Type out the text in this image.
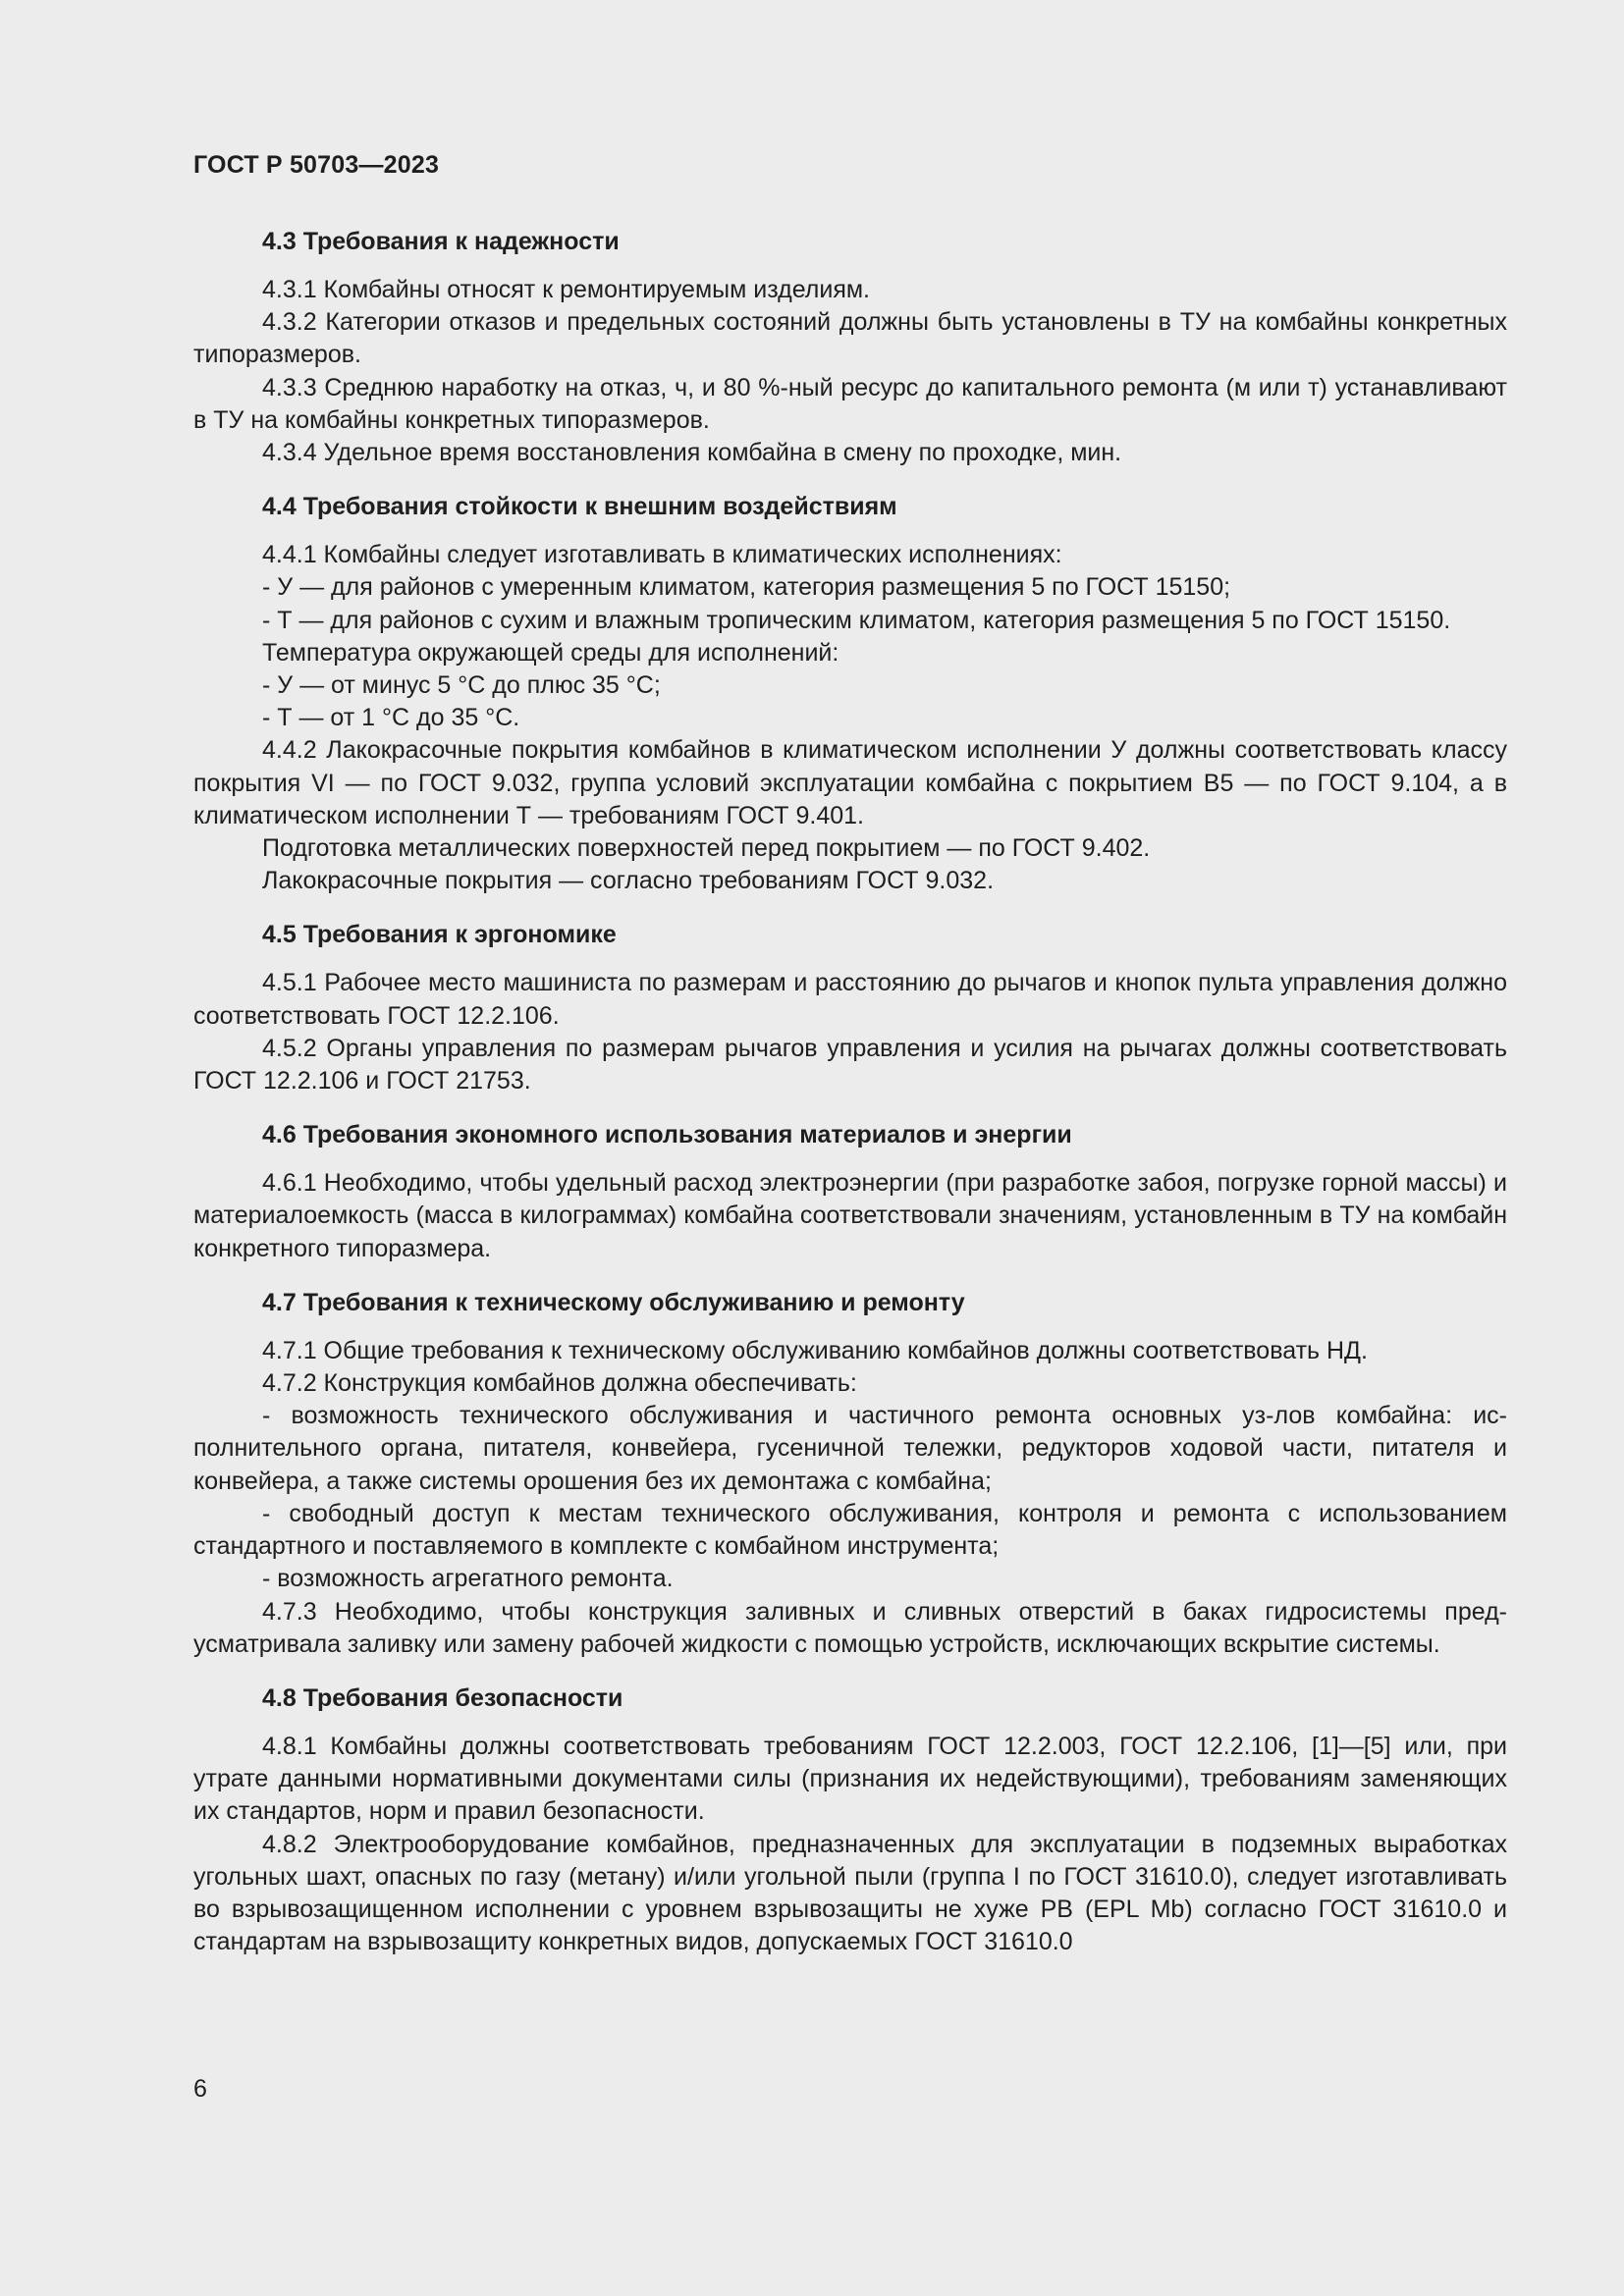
ГОСТ Р 50703—2023
4.3 Требования к надежности

4.3.1 Комбайны относят к ремонтируемым изделиям.

4.3.2 Категории отказов и предельных состояний должны быть установлены в ТУ на комбайны конкретных типоразмеров.

4.3.3 Среднюю наработку на отказ, ч, и 80 %-ный ресурс до капитального ремонта (м или т) устанавливают в ТУ на комбайны конкретных типоразмеров.

4.3.4 Удельное время восстановления комбайна в смену по проходке, мин.

4.4 Требования стойкости к внешним воздействиям

4.4.1 Комбайны следует изготавливать в климатических исполнениях:

- У — для районов с умеренным климатом, категория размещения 5 по ГОСТ 15150;

- Т — для районов с сухим и влажным тропическим климатом, категория размещения 5 по ГОСТ 15150.

Температура окружающей среды для исполнений:

- У — от минус 5 °С до плюс 35 °С;

- Т — от 1 °С до 35 °С.

4.4.2 Лакокрасочные покрытия комбайнов в климатическом исполнении У должны соответствовать классу покрытия VI — по ГОСТ 9.032, группа условий эксплуатации комбайна с покрытием В5 — по ГОСТ 9.104, а в климатическом исполнении Т — требованиям ГОСТ 9.401.

Подготовка металлических поверхностей перед покрытием — по ГОСТ 9.402.

Лакокрасочные покрытия — согласно требованиям ГОСТ 9.032.

4.5 Требования к эргономике

4.5.1 Рабочее место машиниста по размерам и расстоянию до рычагов и кнопок пульта управления должно соответствовать ГОСТ 12.2.106.

4.5.2 Органы управления по размерам рычагов управления и усилия на рычагах должны соответствовать ГОСТ 12.2.106 и ГОСТ 21753.

4.6 Требования экономного использования материалов и энергии

4.6.1 Необходимо, чтобы удельный расход электроэнергии (при разработке забоя, погрузке горной массы) и материалоемкость (масса в килограммах) комбайна соответствовали значениям, установленным в ТУ на комбайн конкретного типоразмера.

4.7 Требования к техническому обслуживанию и ремонту

4.7.1 Общие требования к техническому обслуживанию комбайнов должны соответствовать НД.

4.7.2 Конструкция комбайнов должна обеспечивать:

- возможность технического обслуживания и частичного ремонта основных уз-лов комбайна: исполнительного органа, питателя, конвейера, гусеничной тележки, редукторов ходовой части, питателя и конвейера, а также системы орошения без их демонтажа с комбайна;

- свободный доступ к местам технического обслуживания, контроля и ремонта с использованием стандартного и поставляемого в комплекте с комбайном инструмента;

- возможность агрегатного ремонта.

4.7.3 Необходимо, чтобы конструкция заливных и сливных отверстий в баках гидросистемы предусматривала заливку или замену рабочей жидкости с помощью устройств, исключающих вскрытие системы.

4.8 Требования безопасности

4.8.1 Комбайны должны соответствовать требованиям ГОСТ 12.2.003, ГОСТ 12.2.106, [1]—[5] или, при утрате данными нормативными документами силы (признания их недействующими), требованиям заменяющих их стандартов, норм и правил безопасности.

4.8.2 Электрооборудование комбайнов, предназначенных для эксплуатации в подземных выработках угольных шахт, опасных по газу (метану) и/или угольной пыли (группа I по ГОСТ 31610.0), следует изготавливать во взрывозащищенном исполнении с уровнем взрывозащиты не хуже РВ (EPL Mb) согласно ГОСТ 31610.0 и стандартам на взрывозащиту конкретных видов, допускаемых ГОСТ 31610.0

6
